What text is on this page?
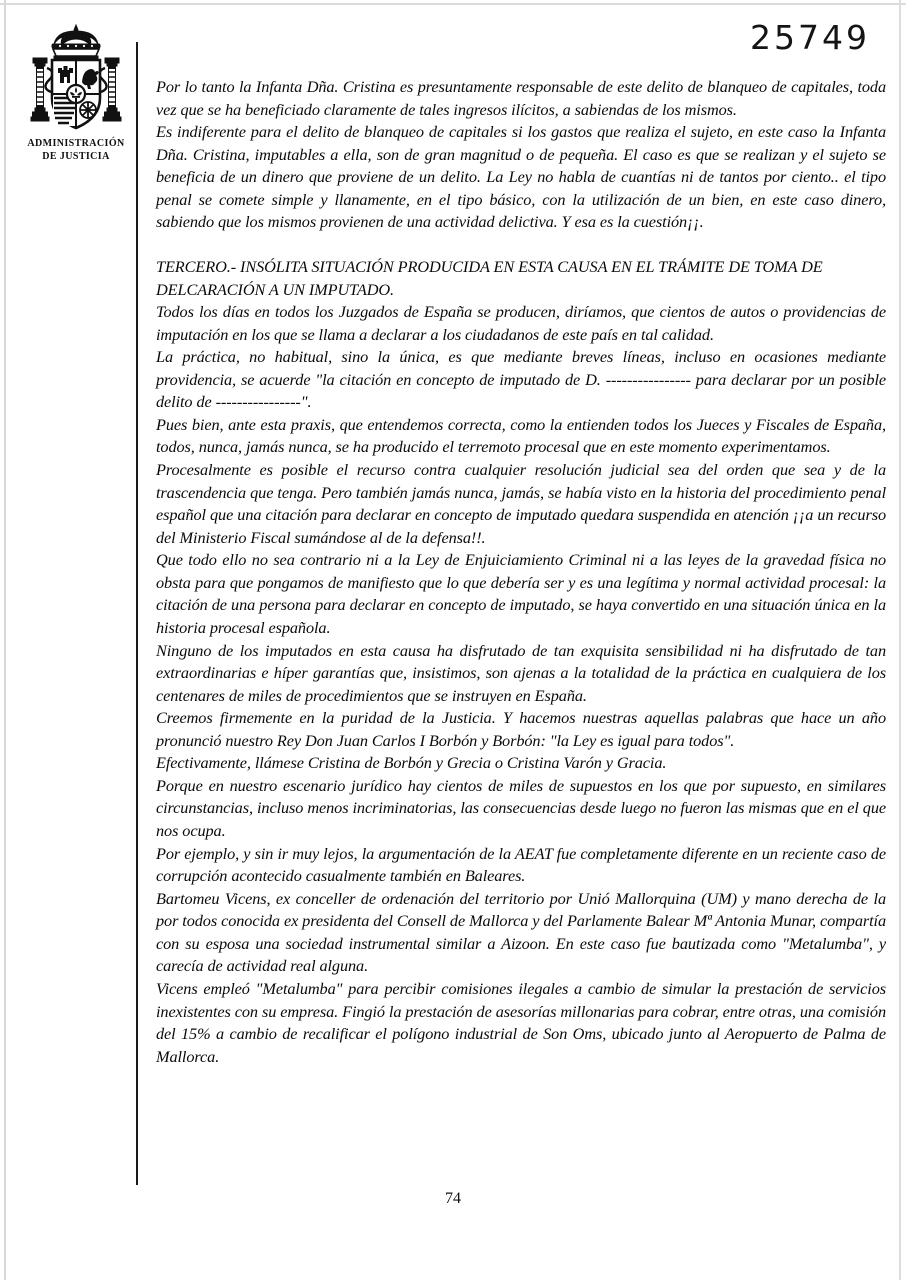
25749
ADMINISTRACIÓN
DE JUSTICIA

Por lo tanto la Infanta Dña. Cristina es presuntamente responsable de este delito de blanqueo de capitales, toda vez que se ha beneficiado claramente de tales ingresos ilícitos, a sabiendas de los mismos.

Es indiferente para el delito de blanqueo de capitales si los gastos que realiza el sujeto, en este caso la Infanta Dña. Cristina, imputables a ella, son de gran magnitud o de pequeña. El caso es que se realizan y el sujeto se beneficia de un dinero que proviene de un delito. La Ley no habla de cuantías ni de tantos por ciento.. el tipo penal se comete simple y llanamente, en el tipo básico, con la utilización de un bien, en este caso dinero, sabiendo que los mismos provienen de una actividad delictiva. Y esa es la cuestión¡¡.

TERCERO.- INSÓLITA SITUACIÓN PRODUCIDA EN ESTA CAUSA EN EL TRÁMITE DE TOMA DE DELCARACIÓN A UN IMPUTADO.

Todos los días en todos los Juzgados de España se producen, diríamos, que cientos de autos o providencias de imputación en los que se llama a declarar a los ciudadanos de este país en tal calidad.

La práctica, no habitual, sino la única, es que mediante breves líneas, incluso en ocasiones mediante providencia, se acuerde "la citación en concepto de imputado de D. ---------------- para declarar por un posible delito de ----------------".

Pues bien, ante esta praxis, que entendemos correcta, como la entienden todos los Jueces y Fiscales de España, todos, nunca, jamás nunca, se ha producido el terremoto procesal que en este momento experimentamos.

Procesalmente es posible el recurso contra cualquier resolución judicial sea del orden que sea y de la trascendencia que tenga. Pero también jamás nunca, jamás, se había visto en la historia del procedimiento penal español que una citación para declarar en concepto de imputado quedara suspendida en atención ¡¡a un recurso del Ministerio Fiscal sumándose al de la defensa!!.

Que todo ello no sea contrario ni a la Ley de Enjuiciamiento Criminal ni a las leyes de la gravedad física no obsta para que pongamos de manifiesto que lo que debería ser y es una legítima y normal actividad procesal: la citación de una persona para declarar en concepto de imputado, se haya convertido en una situación única en la historia procesal española.

Ninguno de los imputados en esta causa ha disfrutado de tan exquisita sensibilidad ni ha disfrutado de tan extraordinarias e híper garantías que, insistimos, son ajenas a la totalidad de la práctica en cualquiera de los centenares de miles de procedimientos que se instruyen en España.

Creemos firmemente en la puridad de la Justicia. Y hacemos nuestras aquellas palabras que hace un año pronunció nuestro Rey Don Juan Carlos I Borbón y Borbón: "la Ley es igual para todos".

Efectivamente, llámese Cristina de Borbón y Grecia o Cristina Varón y Gracia.

Porque en nuestro escenario jurídico hay cientos de miles de supuestos en los que por supuesto, en similares circunstancias, incluso menos incriminatorias, las consecuencias desde luego no fueron las mismas que en el que nos ocupa.

Por ejemplo, y sin ir muy lejos, la argumentación de la AEAT fue completamente diferente en un reciente caso de corrupción acontecido casualmente también en Baleares.

Bartomeu Vicens, ex conceller de ordenación del territorio por Unió Mallorquina (UM) y mano derecha de la por todos conocida ex presidenta del Consell de Mallorca y del Parlamente Balear Mª Antonia Munar, compartía con su esposa una sociedad instrumental similar a Aizoon. En este caso fue bautizada como "Metalumba", y carecía de actividad real alguna.

Vicens empleó "Metalumba" para percibir comisiones ilegales a cambio de simular la prestación de servicios inexistentes con su empresa. Fingió la prestación de asesorías millonarias para cobrar, entre otras, una comisión del 15% a cambio de recalificar el polígono industrial de Son Oms, ubicado junto al Aeropuerto de Palma de Mallorca.

74
